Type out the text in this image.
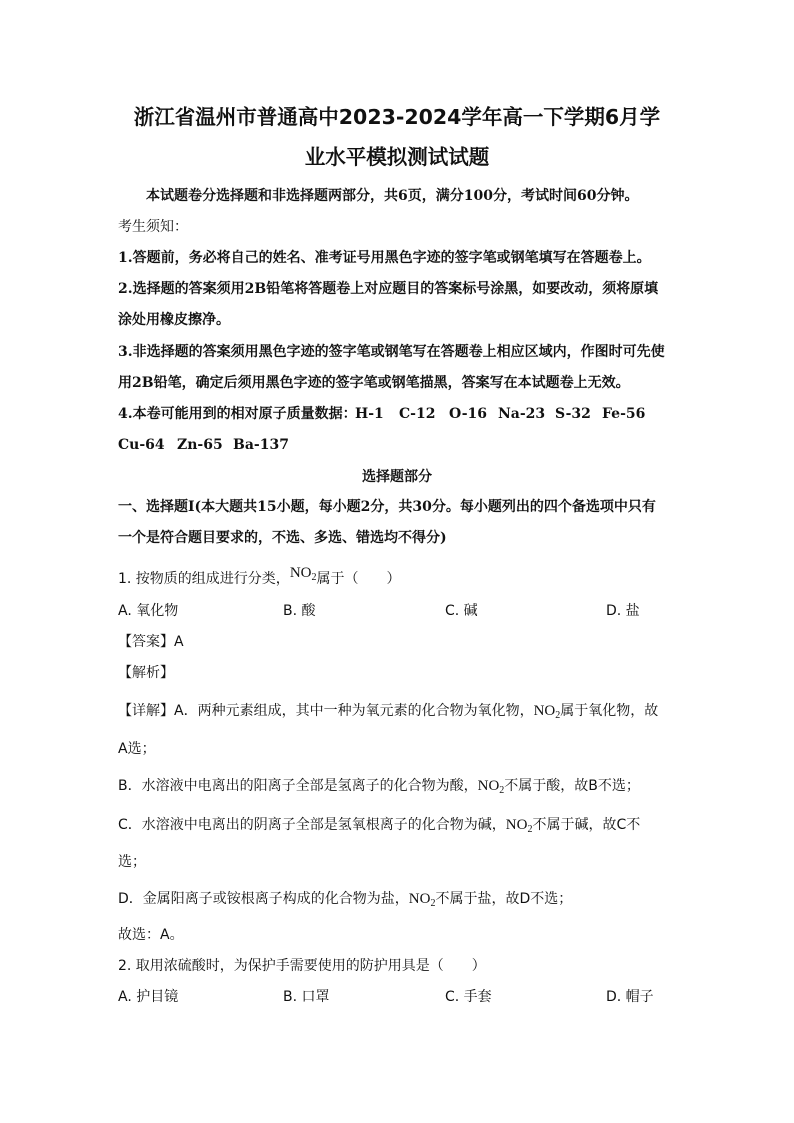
浙江省温州市普通高中2023-2024学年高一下学期6月学
业水平模拟测试试题
本试题卷分选择题和非选择题两部分，共6页，满分100分，考试时间60分钟。
考生须知：
1.答题前，务必将自己的姓名、准考证号用黑色字迹的签字笔或钢笔填写在答题卷上。
2.选择题的答案须用2B铅笔将答题卷上对应题目的答案标号涂黑，如要改动，须将原填
涂处用橡皮擦净。
3.非选择题的答案须用黑色字迹的签字笔或钢笔写在答题卷上相应区域内，作图时可先使
用2B铅笔，确定后须用黑色字迹的签字笔或钢笔描黑，答案写在本试题卷上无效。
4.本卷可能用到的相对原子质量数据：
H-1 C-12 O-16 Na-23 S-32 Fe-56
Cu-64 Zn-65 Ba-137
选择题部分
一、选择题Ⅰ(本大题共15小题，每小题2分，共30分。每小题列出的四个备选项中只有
一个是符合题目要求的，不选、多选、错选均不得分)
1. 按物质的组成进行分类，$NO_2$属于（　　）
A. 氧化物	B. 酸	C. 碱	D. 盐
【答案】A
【解析】
【详解】A．两种元素组成，其中一种为氧元素的化合物为氧化物，$NO_2$属于氧化物，故
A选；
B．水溶液中电离出的阳离子全部是氢离子的化合物为酸，$NO_2$不属于酸，故B不选；
C．水溶液中电离出的阴离子全部是氢氧根离子的化合物为碱，$NO_2$不属于碱，故C不
选；
D．金属阳离子或铵根离子构成的化合物为盐，$NO_2$不属于盐，故D不选；
故选：A。
2. 取用浓硫酸时，为保护手需要使用的防护用具是（　　）
A. 护目镜	B. 口罩	C. 手套	D. 帽子
